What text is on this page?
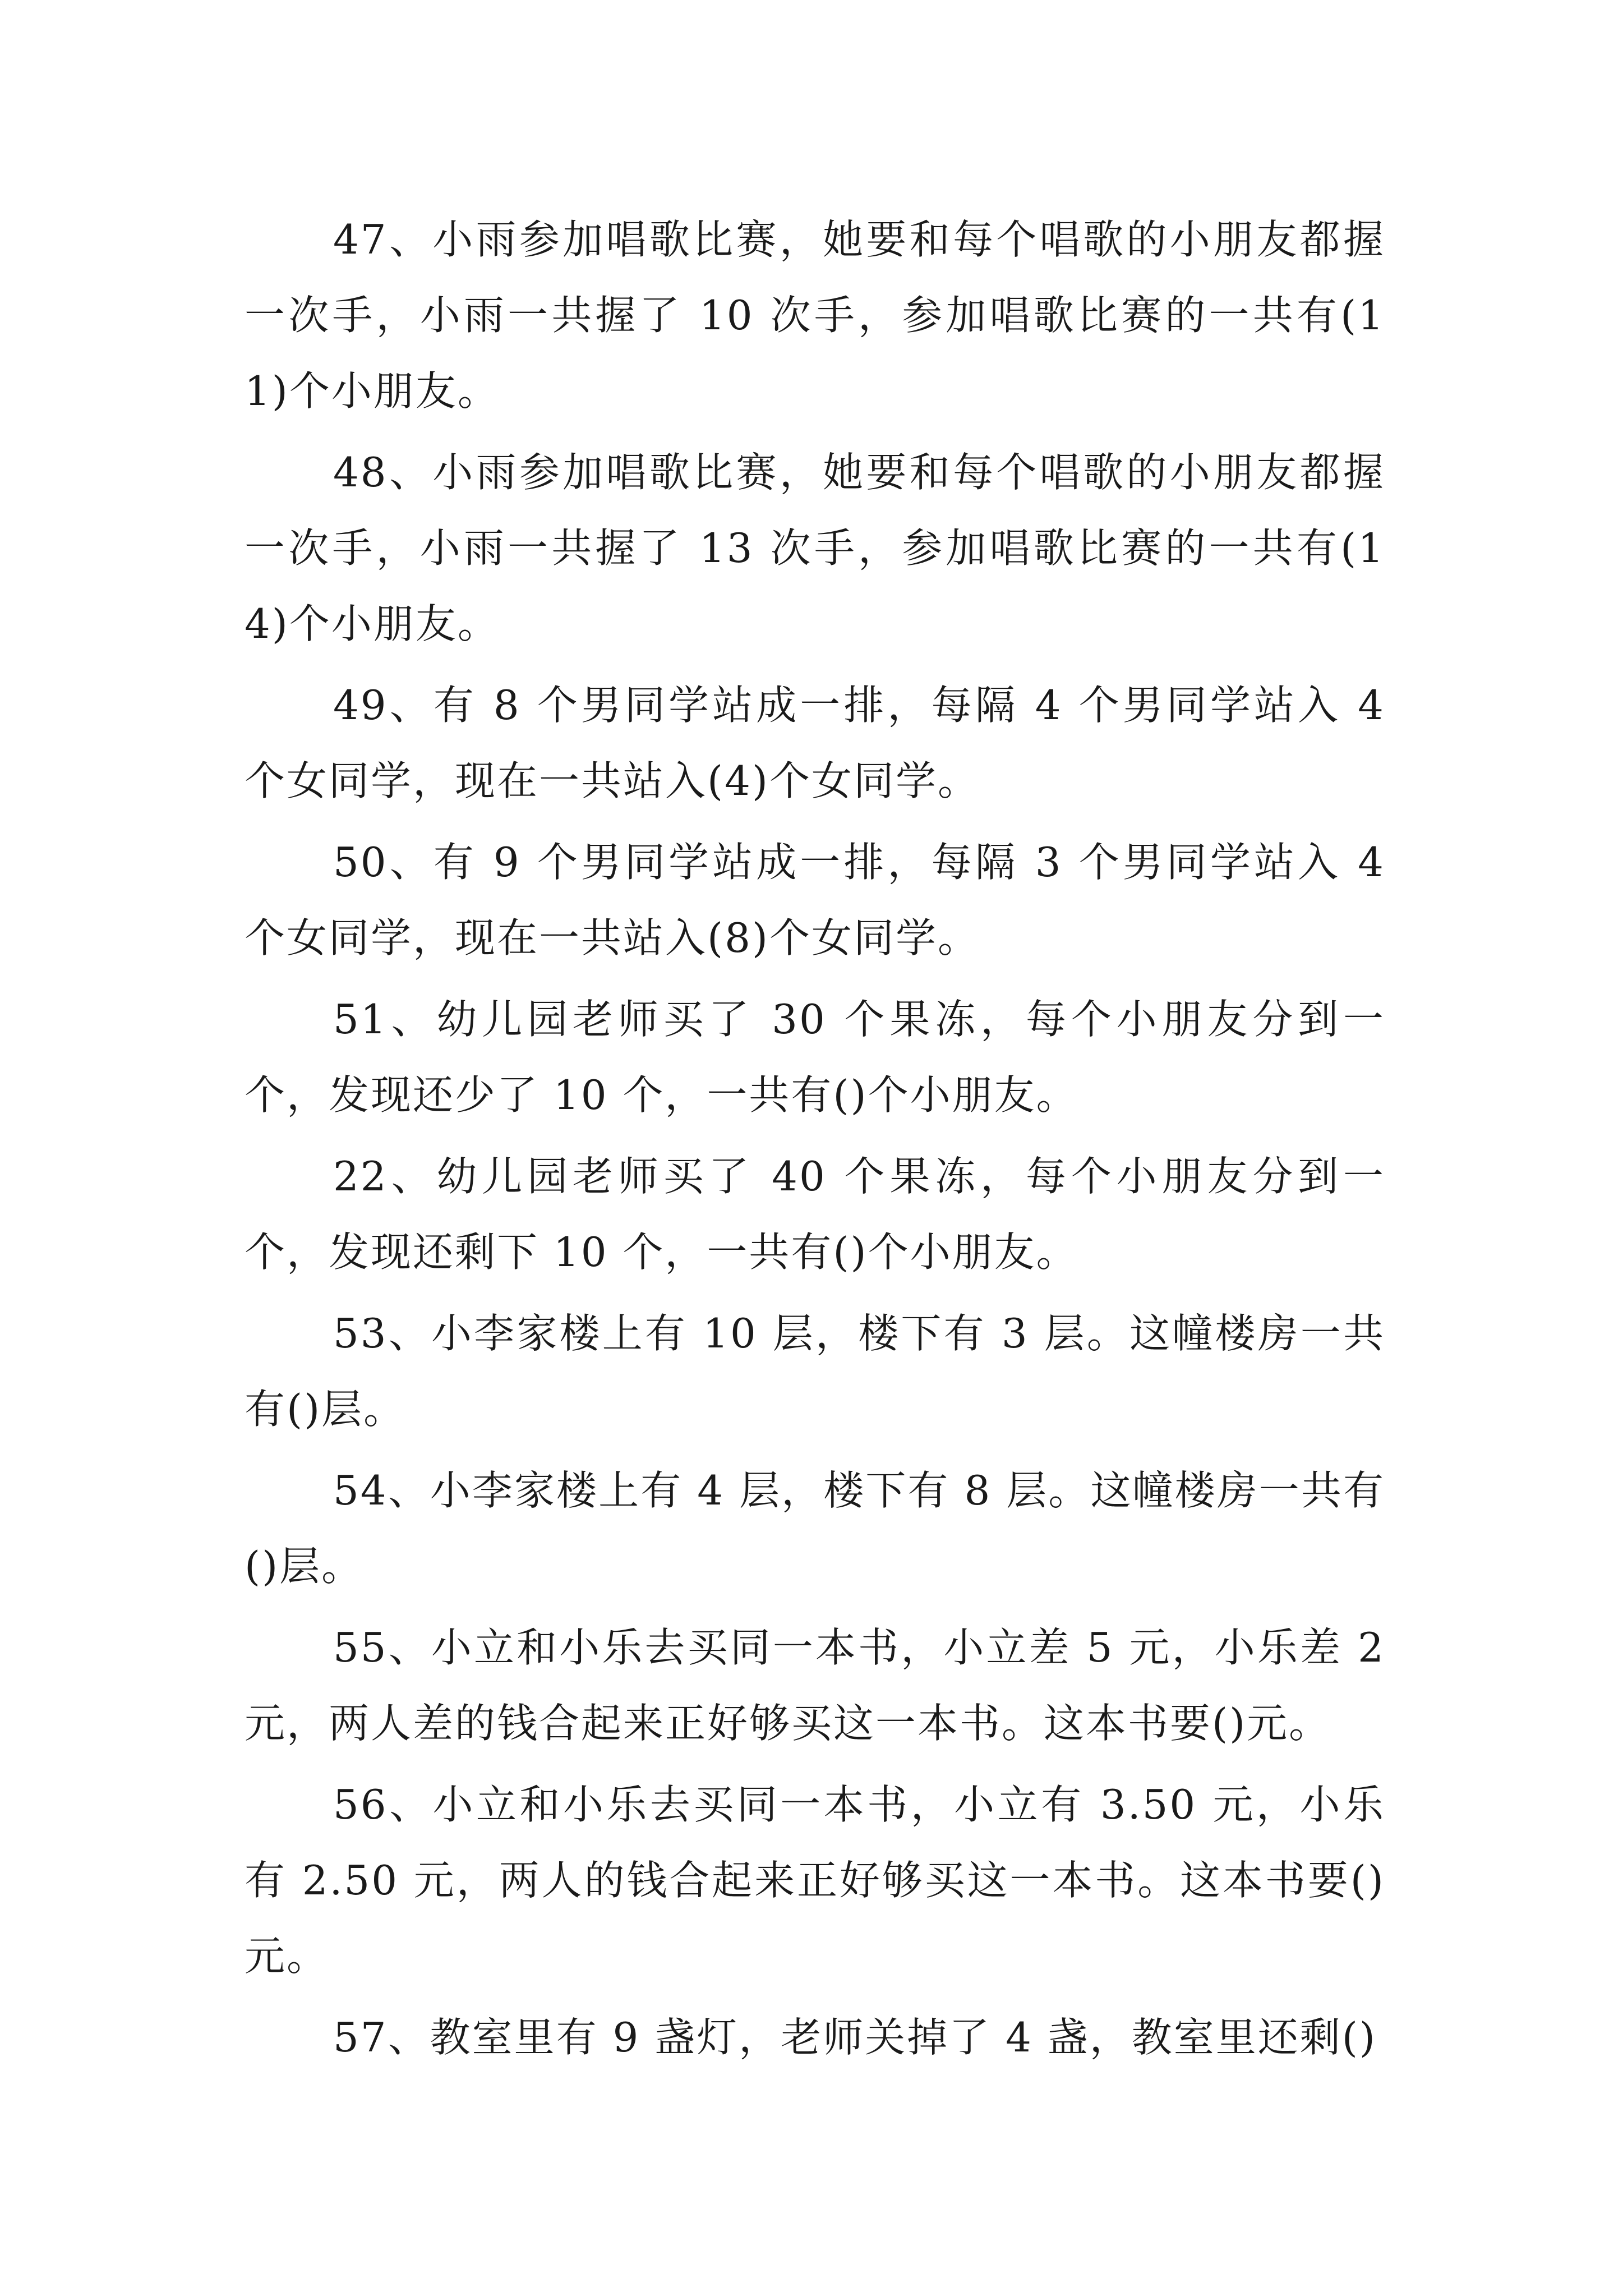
47、小雨参加唱歌比赛，她要和每个唱歌的小朋友都握一次手，小雨一共握了 10 次手，参加唱歌比赛的一共有(11)个小朋友。

48、小雨参加唱歌比赛，她要和每个唱歌的小朋友都握一次手，小雨一共握了 13 次手，参加唱歌比赛的一共有(14)个小朋友。

49、有 8 个男同学站成一排，每隔 4 个男同学站入 4 个女同学，现在一共站入(4)个女同学。

50、有 9 个男同学站成一排，每隔 3 个男同学站入 4 个女同学，现在一共站入(8)个女同学。

51、幼儿园老师买了 30 个果冻，每个小朋友分到一个，发现还少了 10 个，一共有()个小朋友。

22、幼儿园老师买了 40 个果冻，每个小朋友分到一个，发现还剩下 10 个，一共有()个小朋友。

53、小李家楼上有 10 层，楼下有 3 层。这幢楼房一共有()层。

54、小李家楼上有 4 层，楼下有 8 层。这幢楼房一共有()层。

55、小立和小乐去买同一本书，小立差 5 元，小乐差 2 元，两人差的钱合起来正好够买这一本书。这本书要()元。

56、小立和小乐去买同一本书，小立有 3.50 元，小乐有 2.50 元，两人的钱合起来正好够买这一本书。这本书要()元。

57、教室里有 9 盏灯，老师关掉了 4 盏，教室里还剩()
